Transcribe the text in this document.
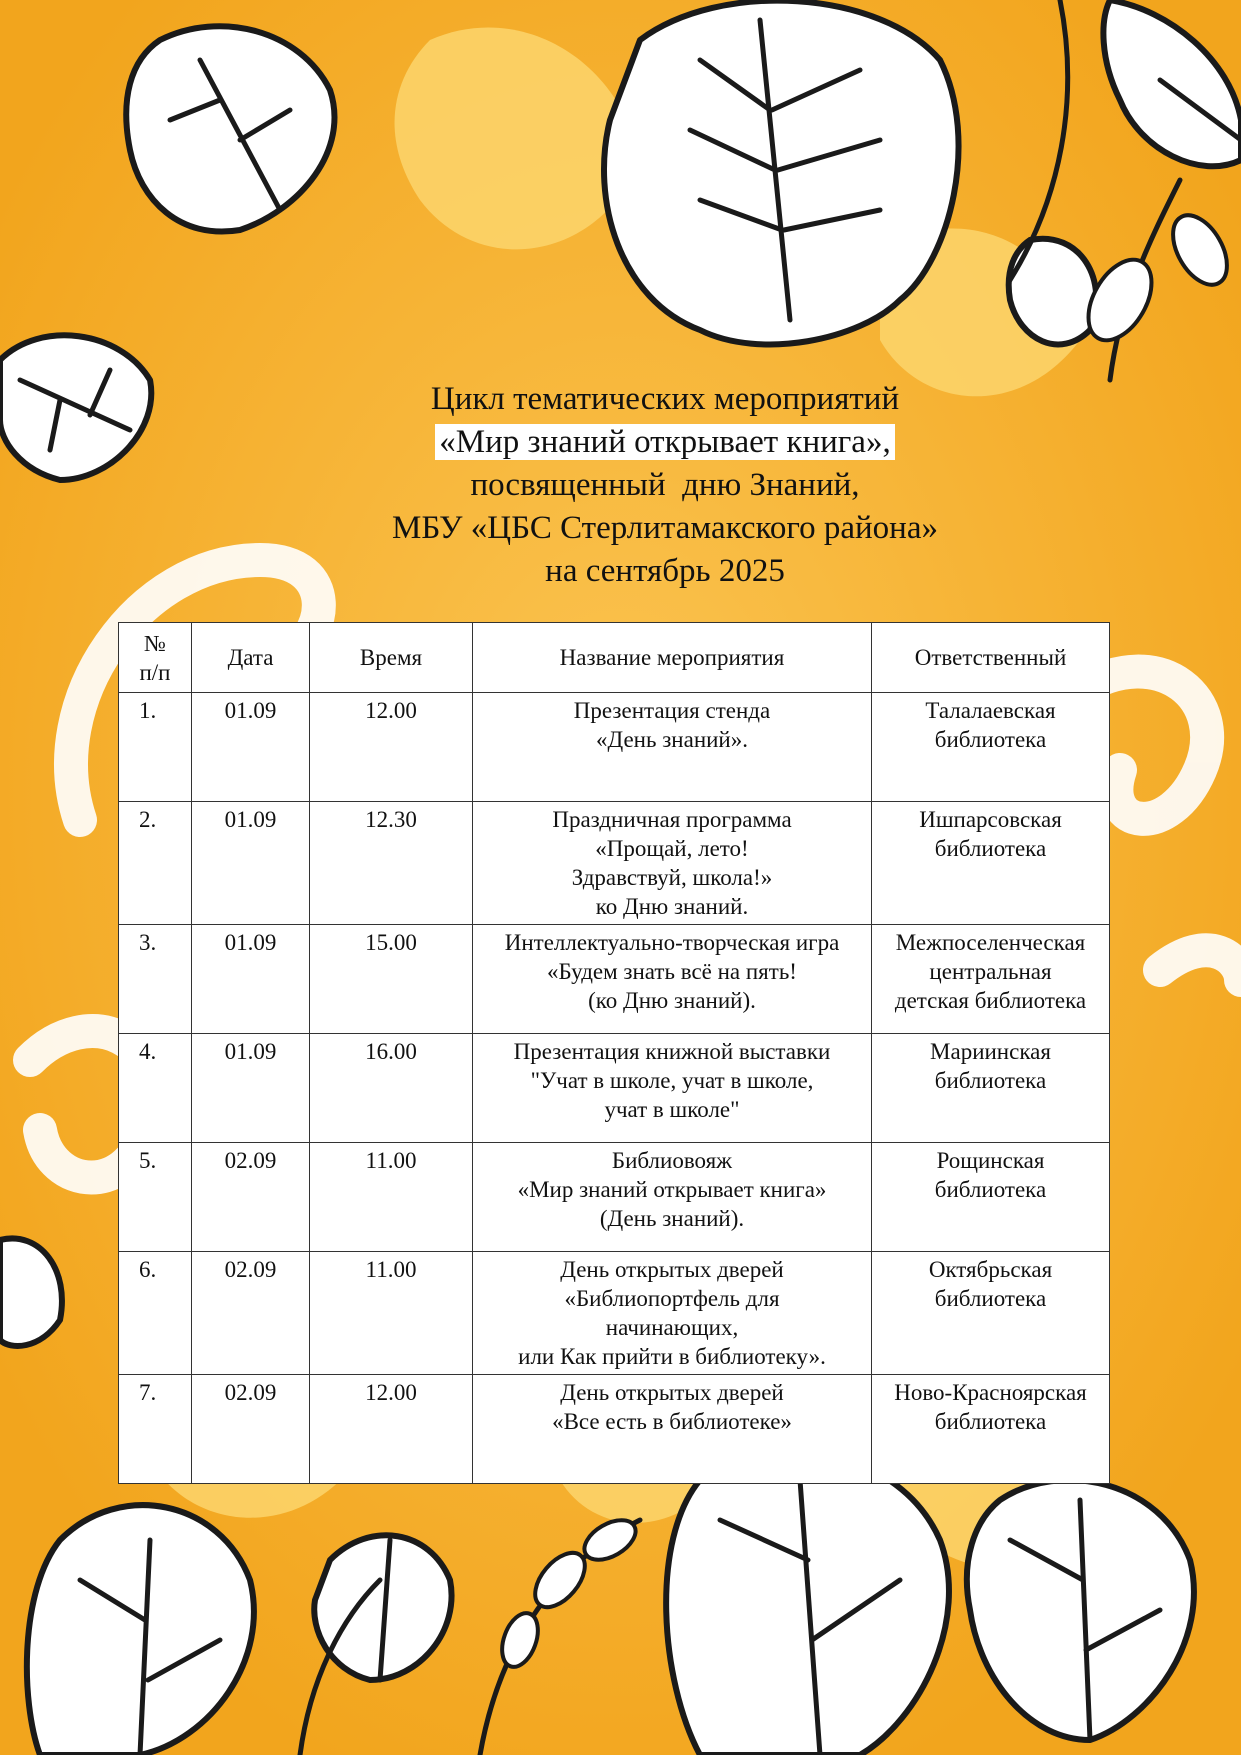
Цикл тематических мероприятий
«Мир знаний открывает книга»,
посвященный  дню Знаний,
МБУ «ЦБС Стерлитамакского района»
на сентябрь 2025
№
п/п	Дата	Время	Название мероприятия	Ответственный
1.	01.09	12.00	Презентация стенда
«День знаний».	Талалаевская
библиотека

2.	01.09	12.30	Праздничная программа
«Прощай, лето!
Здравствуй, школа!»
ко Дню знаний.	Ишпарсовская
библиотека

3.	01.09	15.00	Интеллектуально-творческая игра
«Будем знать всё на пять!
(ко Дню знаний).	Межпоселенческая
центральная
детская библиотека

4.	01.09	16.00	Презентация книжной выставки
"Учат в школе, учат в школе,
учат в школе"	Мариинская
библиотека

5.	02.09	11.00	Библиовояж
«Мир знаний открывает книга»
(День знаний).	Рощинская
библиотека

6.	02.09	11.00	День открытых дверей
«Библиопортфель для
начинающих,
или Как прийти в библиотеку».	Октябрьская
библиотека

7.	02.09	12.00	День открытых дверей
«Все есть в библиотеке»	Ново-Красноярская
библиотека
